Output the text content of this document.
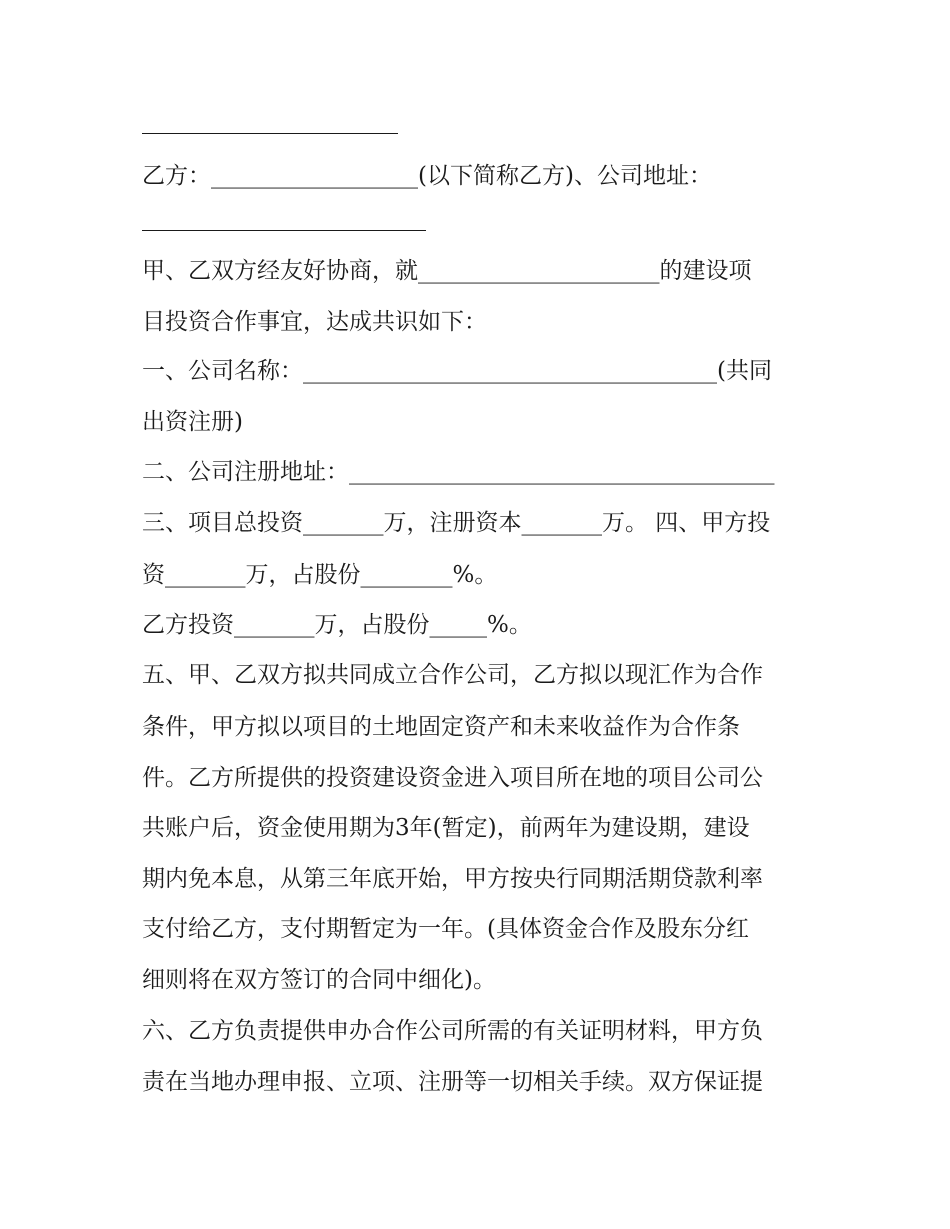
乙方：__________________(以下简称乙方)、公司地址：
甲、乙双方经友好协商，就_____________________的建设项
目投资合作事宜，达成共识如下：
一、公司名称：____________________________________(共同
出资注册)
二、公司注册地址：_____________________________________
三、项目总投资_______万，注册资本_______万。 四、甲方投
资_______万，占股份________%。
乙方投资_______万，占股份_____%。
五、甲、乙双方拟共同成立合作公司，乙方拟以现汇作为合作
条件，甲方拟以项目的土地固定资产和未来收益作为合作条
件。乙方所提供的投资建设资金进入项目所在地的项目公司公
共账户后，资金使用期为3年(暂定)，前两年为建设期，建设
期内免本息，从第三年底开始，甲方按央行同期活期贷款利率
支付给乙方，支付期暂定为一年。(具体资金合作及股东分红
细则将在双方签订的合同中细化)。
六、乙方负责提供申办合作公司所需的有关证明材料，甲方负
责在当地办理申报、立项、注册等一切相关手续。双方保证提
